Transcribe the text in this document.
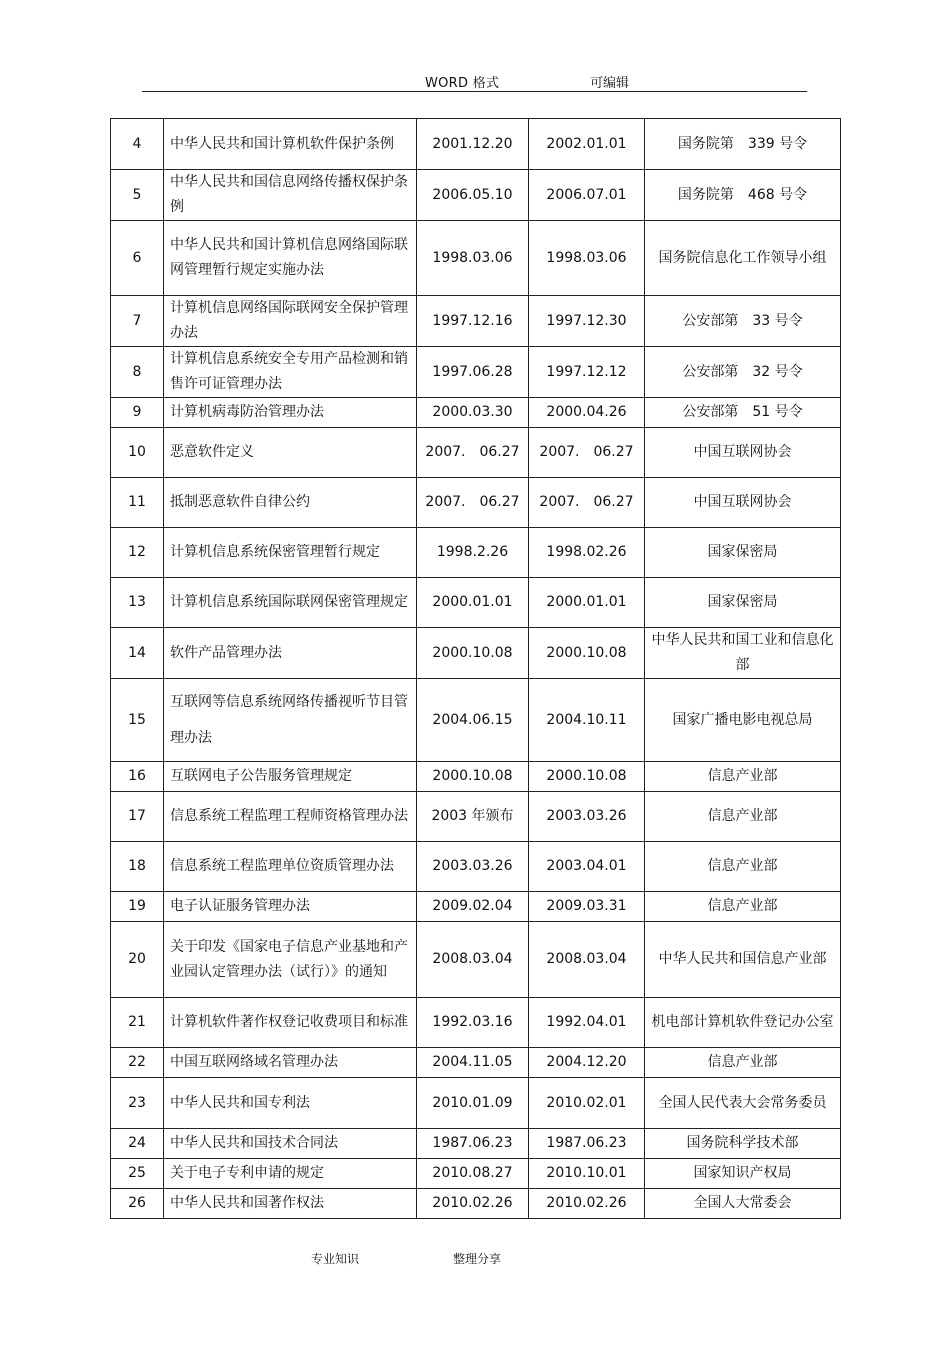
WORD 格式	可编辑
4	中华人民共和国计算机软件保护条例	2001.12.20	2002.01.01	国务院第　339 号令
5	中华人民共和国信息网络传播权保护条例	2006.05.10	2006.07.01	国务院第　468 号令
6	中华人民共和国计算机信息网络国际联网管理暂行规定实施办法	1998.03.06	1998.03.06	国务院信息化工作领导小组
7	计算机信息网络国际联网安全保护管理办法	1997.12.16	1997.12.30	公安部第　33 号令
8	计算机信息系统安全专用产品检测和销售许可证管理办法	1997.06.28	1997.12.12	公安部第　32 号令
9	计算机病毒防治管理办法	2000.03.30	2000.04.26	公安部第　51 号令
10	恶意软件定义	2007.　06.27	2007.　06.27	中国互联网协会
11	抵制恶意软件自律公约	2007.　06.27	2007.　06.27	中国互联网协会
12	计算机信息系统保密管理暂行规定	1998.2.26	1998.02.26	国家保密局
13	计算机信息系统国际联网保密管理规定	2000.01.01	2000.01.01	国家保密局
14	软件产品管理办法	2000.10.08	2000.10.08	中华人民共和国工业和信息化部
15	互联网等信息系统网络传播视听节目管理办法	2004.06.15	2004.10.11	国家广播电影电视总局
16	互联网电子公告服务管理规定	2000.10.08	2000.10.08	信息产业部
17	信息系统工程监理工程师资格管理办法	2003 年颁布	2003.03.26	信息产业部
18	信息系统工程监理单位资质管理办法	2003.03.26	2003.04.01	信息产业部
19	电子认证服务管理办法	2009.02.04	2009.03.31	信息产业部
20	关于印发《国家电子信息产业基地和产业园认定管理办法（试行）》的通知	2008.03.04	2008.03.04	中华人民共和国信息产业部
21	计算机软件著作权登记收费项目和标准	1992.03.16	1992.04.01	机电部计算机软件登记办公室
22	中国互联网络域名管理办法	2004.11.05	2004.12.20	信息产业部
23	中华人民共和国专利法	2010.01.09	2010.02.01	全国人民代表大会常务委员
24	中华人民共和国技术合同法	1987.06.23	1987.06.23	国务院科学技术部
25	关于电子专利申请的规定	2010.08.27	2010.10.01	国家知识产权局
26	中华人民共和国著作权法	2010.02.26	2010.02.26	全国人大常委会
专业知识	整理分享
